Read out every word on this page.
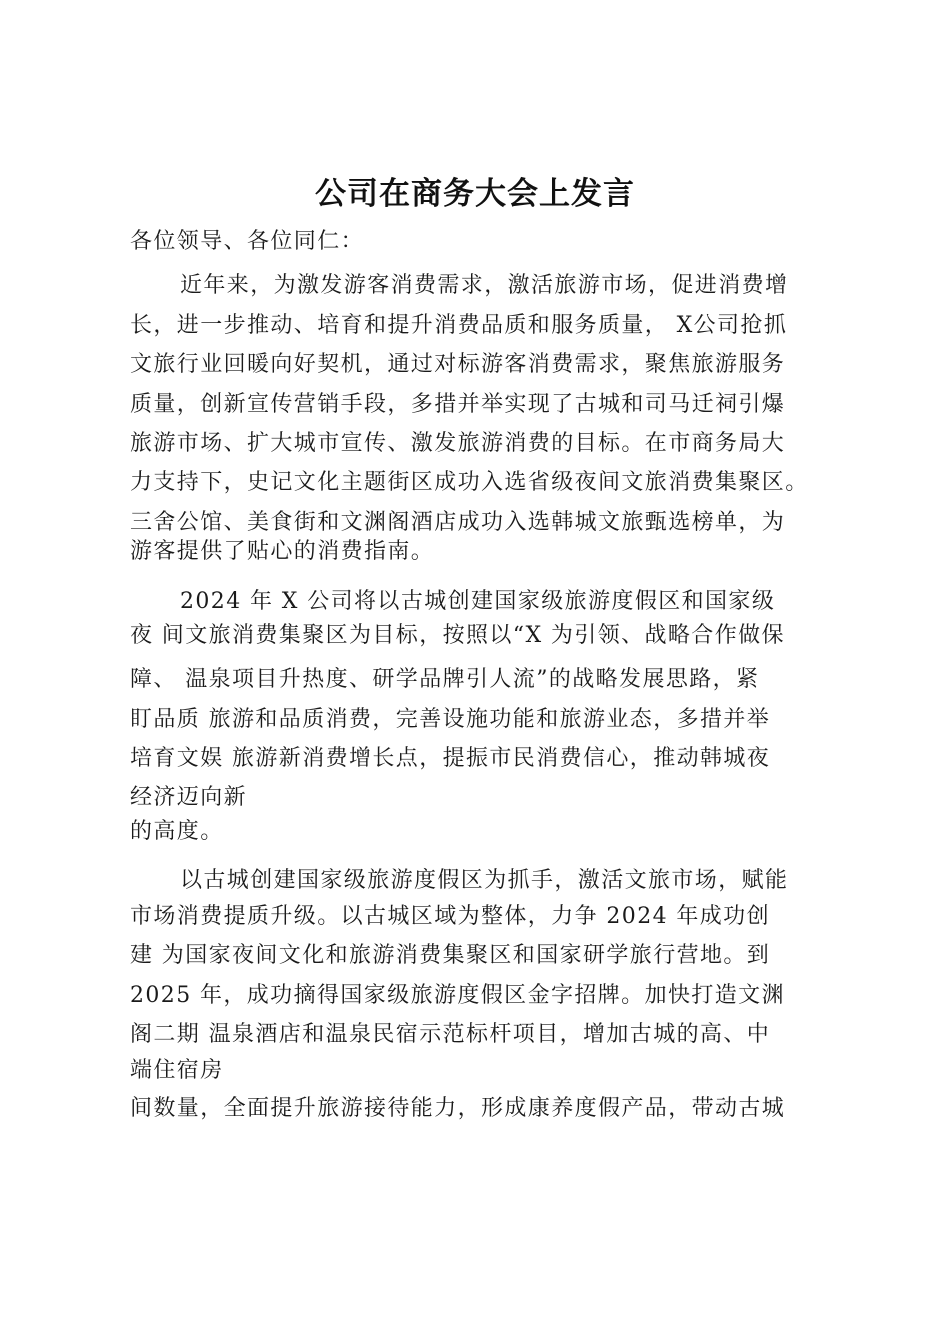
公司在商务大会上发言
各位领导、各位同仁：
近年来，为激发游客消费需求，激活旅游市场，促进消费增
长，进一步推动、培育和提升消费品质和服务质量， X公司抢抓
文旅行业回暖向好契机，通过对标游客消费需求，聚焦旅游服务
质量，创新宣传营销手段，多措并举实现了古城和司马迁祠引爆
旅游市场、扩大城市宣传、激发旅游消费的目标。在市商务局大
力支持下，史记文化主题街区成功入选省级夜间文旅消费集聚区。
三舍公馆、美食街和文渊阁酒店成功入选韩城文旅甄选榜单，为
游客提供了贴心的消费指南。
2024 年 X 公司将以古城创建国家级旅游度假区和国家级
夜 间文旅消费集聚区为目标，按照以“X 为引领、战略合作做保
障、 温泉项目升热度、研学品牌引人流”的战略发展思路，紧
盯品质 旅游和品质消费，完善设施功能和旅游业态，多措并举
培育文娱 旅游新消费增长点，提振市民消费信心，推动韩城夜
经济迈向新
的高度。
以古城创建国家级旅游度假区为抓手，激活文旅市场，赋能
市场消费提质升级。以古城区域为整体，力争 2024 年成功创
建 为国家夜间文化和旅游消费集聚区和国家研学旅行营地。到
2025 年，成功摘得国家级旅游度假区金字招牌。加快打造文渊
阁二期 温泉酒店和温泉民宿示范标杆项目，增加古城的高、中
端住宿房
间数量，全面提升旅游接待能力，形成康养度假产品，带动古城
